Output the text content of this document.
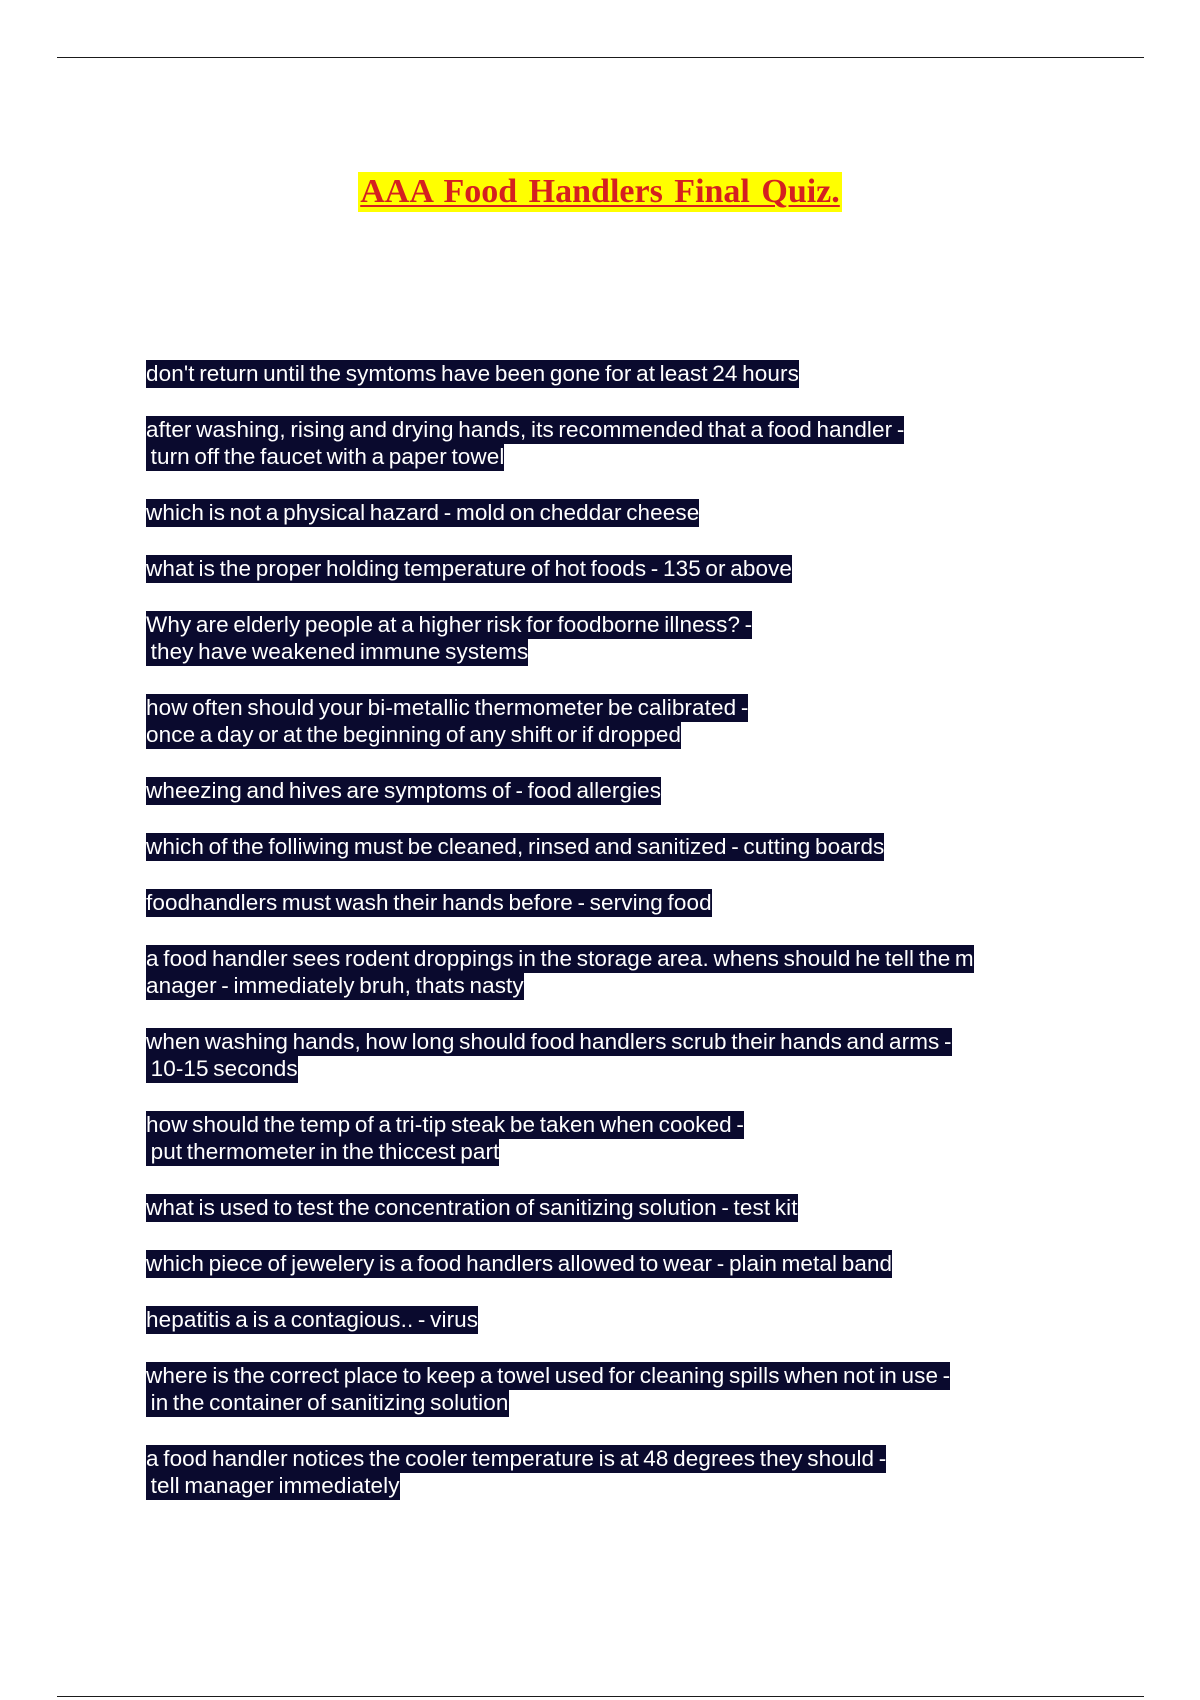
AAA Food Handlers Final Quiz.
don't return until the symtoms have been gone for at least 24 hours
after washing, rising and drying hands, its recommended that a food handler -
 turn off the faucet with a paper towel
which is not a physical hazard - mold on cheddar cheese
what is the proper holding temperature of hot foods - 135 or above
Why are elderly people at a higher risk for foodborne illness? -
 they have weakened immune systems
how often should your bi-metallic thermometer be calibrated -
once a day or at the beginning of any shift or if dropped
wheezing and hives are symptoms of - food allergies
which of the folliwing must be cleaned, rinsed and sanitized - cutting boards
foodhandlers must wash their hands before - serving food
a food handler sees rodent droppings in the storage area. whens should he tell the m
anager - immediately bruh, thats nasty
when washing hands, how long should food handlers scrub their hands and arms -
 10-15 seconds
how should the temp of a tri-tip steak be taken when cooked -
 put thermometer in the thiccest part
what is used to test the concentration of sanitizing solution - test kit
which piece of jewelery is a food handlers allowed to wear - plain metal band
hepatitis a is a contagious.. - virus
where is the correct place to keep a towel used for cleaning spills when not in use -
 in the container of sanitizing solution
a food handler notices the cooler temperature is at 48 degrees they should -
 tell manager immediately
